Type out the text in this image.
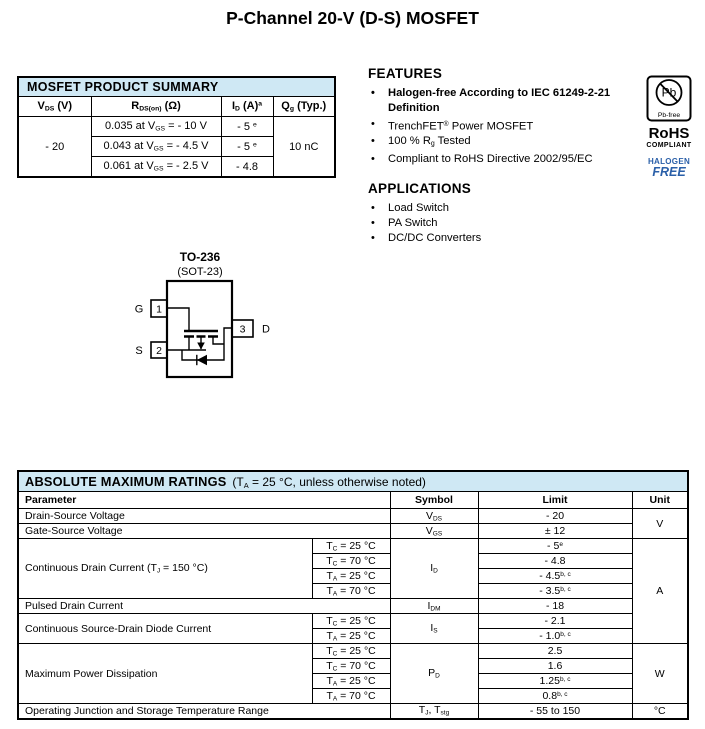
P-Channel 20-V (D-S) MOSFET
MOSFET PRODUCT SUMMARY			
$V_{DS}$ (V)	$R_{DS(on)}$ (Ω)	$I_D$ $(A)^a$	$Q_g$ (Typ.)
- 20	0.035 at $V_{GS}$ = - 10 V	- 5 $^e$	10 nC
	0.043 at $V_{GS}$ = - 4.5 V	- 5 $^e$
	0.061 at $V_{GS}$ = - 2.5 V	- 4.8	
FEATURES
• Halogen-free According to IEC 61249-2-21 Definition
• TrenchFET® Power MOSFET
• 100 % $R_g$ Tested
• Compliant to RoHS Directive 2002/95/EC
APPLICATIONS
• Load Switch
• PA Switch
• DC/DC Converters
Pb
Pb-free
RoHS
COMPLIANT
HALOGEN
FREE
TO-236
(SOT-23)
1
G
2
S
3 D
ABSOLUTE MAXIMUM RATINGS ($T_A = 25$ °C, unless otherwise noted)				
Parameter		Symbol	Limit	Unit
Drain-Source Voltage		$V_{DS}$	- 20	V
Gate-Source Voltage		$V_{GS}$	± 12	
Continuous Drain Current ($T_J = 150$ °C)	$T_C = 25$ °C	$I_D$	- 5e	A
	$T_C = 70$ °C		- 4.8	
	$T_A = 25$ °C		- 4.5$^{b, c}$
	$T_A = 70$ °C		- 3.5$^{b, c}$
Pulsed Drain Current		$I_{DM}$	- 18	
Continuous Source-Drain Diode Current	$T_C = 25$ °C	$I_S$	- 2.1	
	$T_A = 25$ °C		- 1.0$^{b, c}$
Maximum Power Dissipation	$T_C = 25$ °C	$P_D$	2.5	W
	$T_C = 70$ °C		1.6	
	$T_A = 25$ °C		1.25$^{b, c}$
	$T_A = 70$ °C		0.8$^{b, c}$
Operating Junction and Storage Temperature Range		$T_J$, $T_{stg}$	- 55 to 150	°C
